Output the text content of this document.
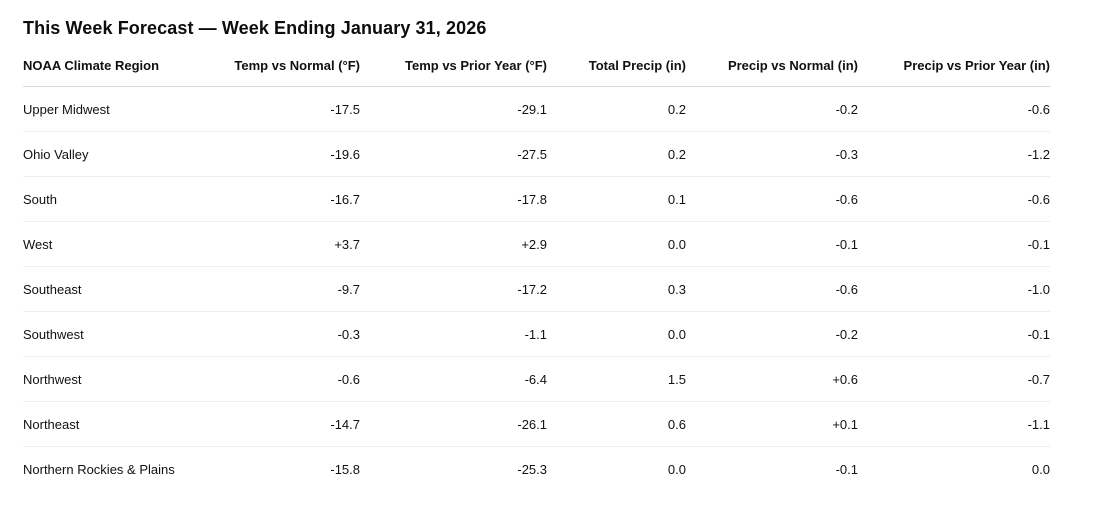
This Week Forecast — Week Ending January 31, 2026
NOAA Climate Region	Temp vs Normal (°F)	Temp vs Prior Year (°F)	Total Precip (in)	Precip vs Normal (in)	Precip vs Prior Year (in)
Upper Midwest	-17.5	-29.1	0.2	-0.2	-0.6
Ohio Valley	-19.6	-27.5	0.2	-0.3	-1.2
South	-16.7	-17.8	0.1	-0.6	-0.6
West	+3.7	+2.9	0.0	-0.1	-0.1
Southeast	-9.7	-17.2	0.3	-0.6	-1.0
Southwest	-0.3	-1.1	0.0	-0.2	-0.1
Northwest	-0.6	-6.4	1.5	+0.6	-0.7
Northeast	-14.7	-26.1	0.6	+0.1	-1.1
Northern Rockies & Plains	-15.8	-25.3	0.0	-0.1	0.0
